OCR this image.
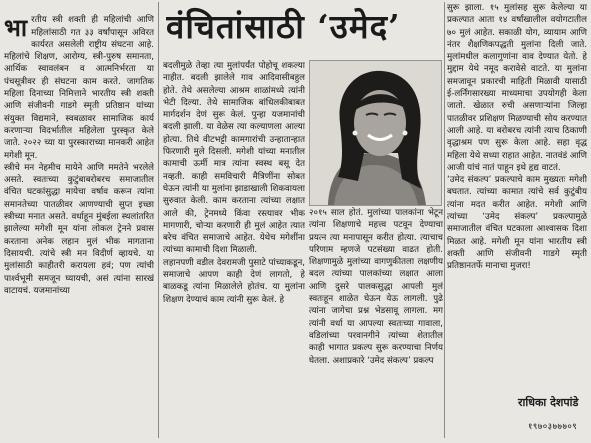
भारतीय स्त्री शक्ती ही महिलांची आणि महिलांसाठी गत ३३ वर्षांपासून अविरत कार्यरत असलेली राष्ट्रीय संघटना आहे. महिलांचे शिक्षण, आरोग्य, स्त्री-पुरुष समानता, आर्थिक स्वावलंबन व आत्मनिर्भरता या पंचसूत्रीवर ही संघटना काम करते. जागतिक महिला दिनाच्या निमित्ताने भारतीय स्त्री शक्ती आणि संजीवनी गाडगे स्मृती प्रतिष्ठान यांच्या संयुक्त विद्यमाने, स्वबळावर सामाजिक कार्य करणाऱ्या विदर्भातील महिलेला पुरस्कृत केले जाते. २०२२ च्या या पुरस्काराच्या मानकरी आहेत मगेशी मून.
स्त्रीचे मन नेहमीच मायेने आणि ममतेने भरलेले असते. स्वतःच्या कुटुंबाबरोबरच समाजातील वंचित घटकांसुद्धा मायेचा वर्षाव करून त्यांना समानतेच्या पातळीवर आणण्याची सुप्त इच्छा स्त्रीच्या मनात असते. वर्धाहून मुंबईला स्थलांतरित झालेल्या मगेशी मून यांना लोकल ट्रेनने प्रवास करताना अनेक लहान मुलं भीक मागताना दिसायची. त्यांचे स्त्री मन विदीर्ण व्हायचे. या मुलांसाठी काहीतरी करायला हवं; पण त्यांची पार्श्वभूमी समजून घ्यायची, असं त्यांना सारखं वाटायचं. यजमानांच्या

वंचितांसाठी ‘उमेद’
बदलीमुळे तेव्हा त्या मुलांपर्यंत पोहोचू शकल्या नाहीत. बदली झालेले गाव आदिवासीबहुल होते. तेथे असलेल्या आश्रम शाळांमध्ये त्यांनी भेटी दिल्या. तेथे सामाजिक बांधिलकीबाबत मार्गदर्शन देणं सुरू केलं. पुन्हा यजमानांची बदली झाली. या वेळेस त्या कल्याणला आल्या होत्या. तिथे वीटभट्टी कामगारांची उन्हातान्हात फिरणारी मुले दिसली. मगेशी यांच्या मनातील कामाची ऊर्मी मात्र त्यांना स्वस्थ बसू देत नव्हती. काही समविचारी मैत्रिणींना सोबत घेऊन त्यांनी या मुलांना झाडाखाली शिकवायला सुरुवात केली. काम करताना त्यांच्या लक्षात आले की, ट्रेनमध्ये किंवा रस्त्यावर भीक मागणारी, चोऱ्या करणारी ही मुलं आहेत त्यात बरेच वंचित समाजाचे आहेत. येथेच मगेशींना त्यांच्या कामाची दिशा मिळाली.
लहानपणी वडील देवरामजी पुसाटे पांच्याकडून, समाजाचे आपण काही देणं लागतो, हे बाळकडू त्यांना मिळालेले होतंच. या मुलांना शिक्षण देण्याचं काम त्यांनी सुरू केलं. हे
२०१५ साल होतं. मुलांच्या पालकांना भेटून त्यांना शिक्षणाचे महत्त्व पटवून देण्याचा प्रयत्न त्या मनापासून करीत होत्या. त्याचाच परिणाम म्हणजे पटसंख्या वाढत होती. शिक्षणामुळे मुलांच्या वागणुकीतला लक्षणीय बदल त्यांच्या पालकांच्या लक्षात आला आणि दुसरे पालकसुद्धा आपली मुलं स्वतःहून शाळेत घेऊन येऊ लागली. पुढे त्यांना जागेचा प्रश्न भेडसावू लागला. मग त्यांनी वर्धा या आपल्या स्वतःच्या गावाला, वडिलांच्या परवानगीने त्यांच्या शेतातील काही भागात प्रकल्प सुरू करण्याचा निर्णय घेतला. अशाप्रकारे ‘उमेद संकल्प’ प्रकल्प
सुरू झाला. १५ मुलांसह सुरू केलेल्या या प्रकल्पात आता १४ वर्षांखालील वयोगटातील ७० मुलं आहेत. सकाळी योग, व्यायाम आणि नंतर शैक्षणिकपद्धती मुलांना दिली जाते. मुलांमधील कलागुणांना वाव देण्यात येतो. हे मुद्दाम येथे नमूद करावेसे वाटते. या मुलांना समजावून प्रकारची माहिती मिळावी यासाठी ई-लर्निंगसारख्या माध्यमाचा उपयोगही केला जातो. खेळात रुची असणाऱ्यांना जिल्हा पातळीवर प्रशिक्षण मिळण्याची सोय करण्यात आली आहे. या बरोबरच त्यांनी त्याच ठिकाणी वृद्धाश्रम पण सुरू केला आहे. सहा वृद्ध महिला येथे सध्या राहात आहेत. नातवंडं आणि आजी यांचं नातं पाहून इथे हृद्य वाटतं.
‘उमेद संकल्प’ प्रकल्पाचे काम मुख्यतः मगेशी बघतात. त्यांच्या कामात त्यांचे सर्व कुटुंबीय त्यांना मदत करीत आहेत. मगेशी आणि त्यांच्या ‘उमेद संकल्प’ प्रकल्पामुळे समाजातील वंचित घटकाला आश्वासक दिशा मिळत आहे. मगेशी मून यांना भारतीय स्त्री शक्ती आणि संजीवनी गाडगे स्मृती प्रतिष्ठानतर्फे मानाचा मुजरा!
राधिका देशपांडे
१९७०३७७७०९
